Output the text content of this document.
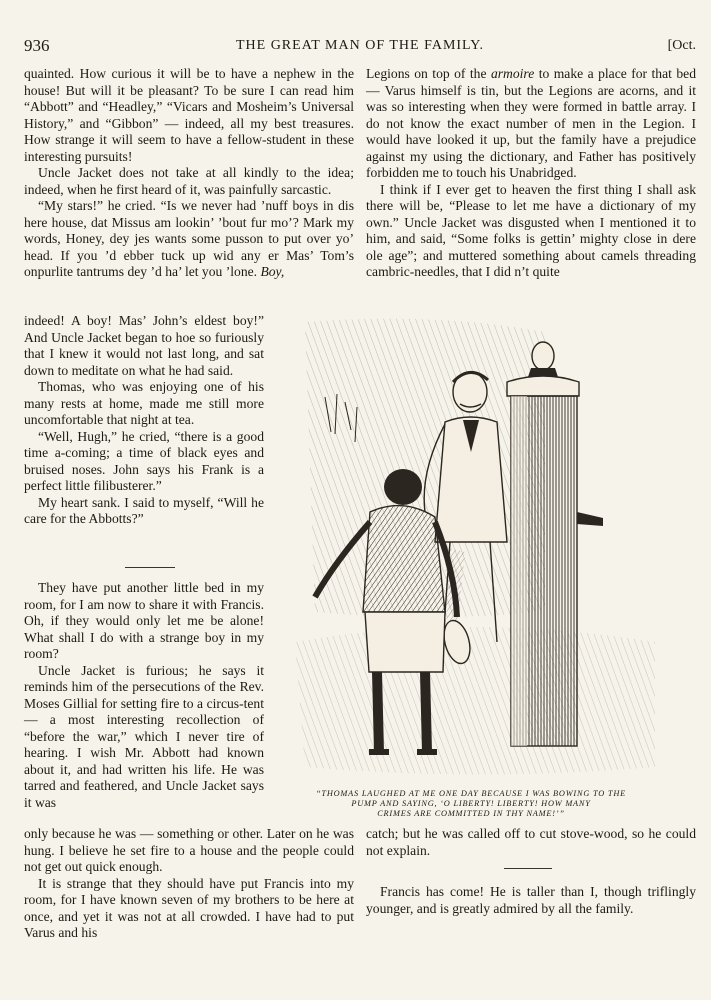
936	THE GREAT MAN OF THE FAMILY.	[Oct.

quainted. How curious it will be to have a nephew in the house! But will it be pleasant? To be sure I can read him “Abbott” and “Headley,” “Vicars and Mosheim’s Universal History,” and “Gibbon” — indeed, all my best treasures. How strange it will seem to have a fellow-student in these interesting pursuits!

Uncle Jacket does not take at all kindly to the idea; indeed, when he first heard of it, was painfully sarcastic.

“My stars!” he cried. “Is we never had ’nuff boys in dis here house, dat Missus am lookin’ ’bout fur mo’? Mark my words, Honey, dey jes wants some pusson to put over yo’ head. If you ’d ebber tuck up wid any er Mas’ Tom’s onpurlite tantrums dey ’d ha’ let you ’lone. Boy,

indeed! A boy! Mas’ John’s eldest boy!” And Uncle Jacket began to hoe so furiously that I knew it would not last long, and sat down to meditate on what he had said.

Thomas, who was enjoying one of his many rests at home, made me still more uncomfortable that night at tea.

“Well, Hugh,” he cried, “there is a good time a-coming; a time of black eyes and bruised noses. John says his Frank is a perfect little filibusterer.”

My heart sank. I said to myself, “Will he care for the Abbotts?”

They have put another little bed in my room, for I am now to share it with Francis. Oh, if they would only let me be alone! What shall I do with a strange boy in my room?

Uncle Jacket is furious; he says it reminds him of the persecutions of the Rev. Moses Gillial for setting fire to a circus-tent — a most interesting recollection of “before the war,” which I never tire of hearing. I wish Mr. Abbott had known about it, and had written his life. He was tarred and feathered, and Uncle Jacket says it was

only because he was — something or other. Later on he was hung. I believe he set fire to a house and the people could not get out quick enough.

It is strange that they should have put Francis into my room, for I have known seven of my brothers to be here at once, and yet it was not at all crowded. I have had to put Varus and his

Legions on top of the armoire to make a place for that bed — Varus himself is tin, but the Legions are acorns, and it was so interesting when they were formed in battle array. I do not know the exact number of men in the Legion. I would have looked it up, but the family have a prejudice against my using the dictionary, and Father has positively forbidden me to touch his Unabridged.

I think if I ever get to heaven the first thing I shall ask there will be, “Please to let me have a dictionary of my own.” Uncle Jacket was disgusted when I mentioned it to him, and said, “Some folks is gettin’ mighty close in dere ole age”; and muttered something about camels threading cambric-needles, that I did n’t quite

“THOMAS LAUGHED AT ME ONE DAY BECAUSE I WAS BOWING TO THE
PUMP AND SAYING, ‘O LIBERTY! LIBERTY! HOW MANY
CRIMES ARE COMMITTED IN THY NAME!’”

catch; but he was called off to cut stove-wood, so he could not explain.

Francis has come! He is taller than I, though triflingly younger, and is greatly admired by all the family.
